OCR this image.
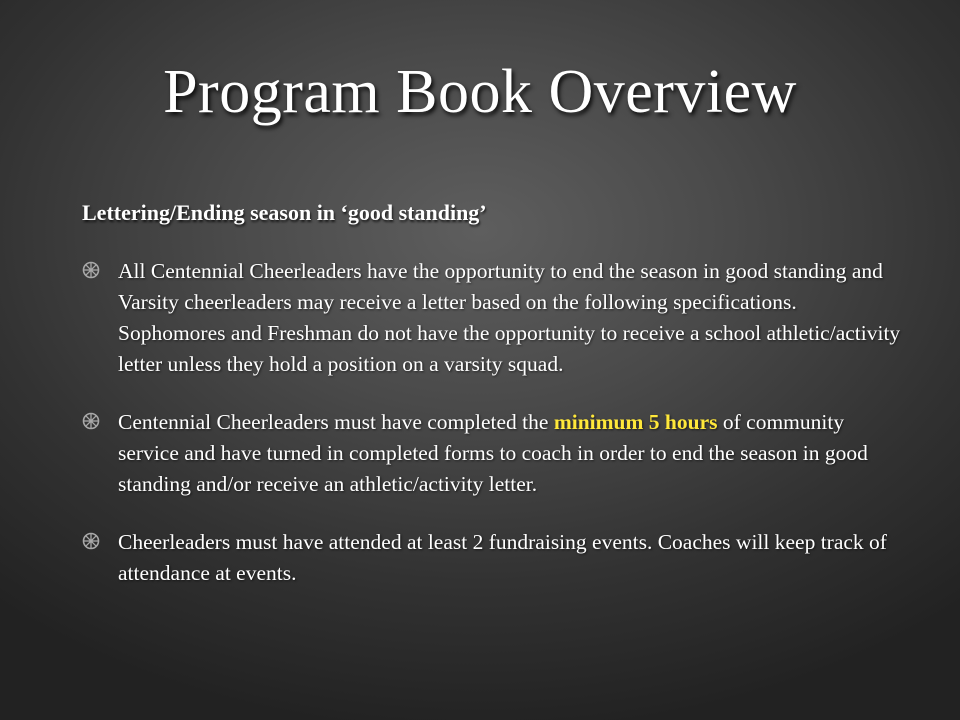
Program Book Overview
Lettering/Ending season in ‘good standing’
All Centennial Cheerleaders have the opportunity to end the season in good standing and Varsity cheerleaders may receive a letter based on the following specifications. Sophomores and Freshman do not have the opportunity to receive a school athletic/activity letter unless they hold a position on a varsity squad.
Centennial Cheerleaders must have completed the minimum 5 hours of community service and have turned in completed forms to coach in order to end the season in good standing and/or receive an athletic/activity letter.
Cheerleaders must have attended at least 2 fundraising events. Coaches will keep track of attendance at events.
